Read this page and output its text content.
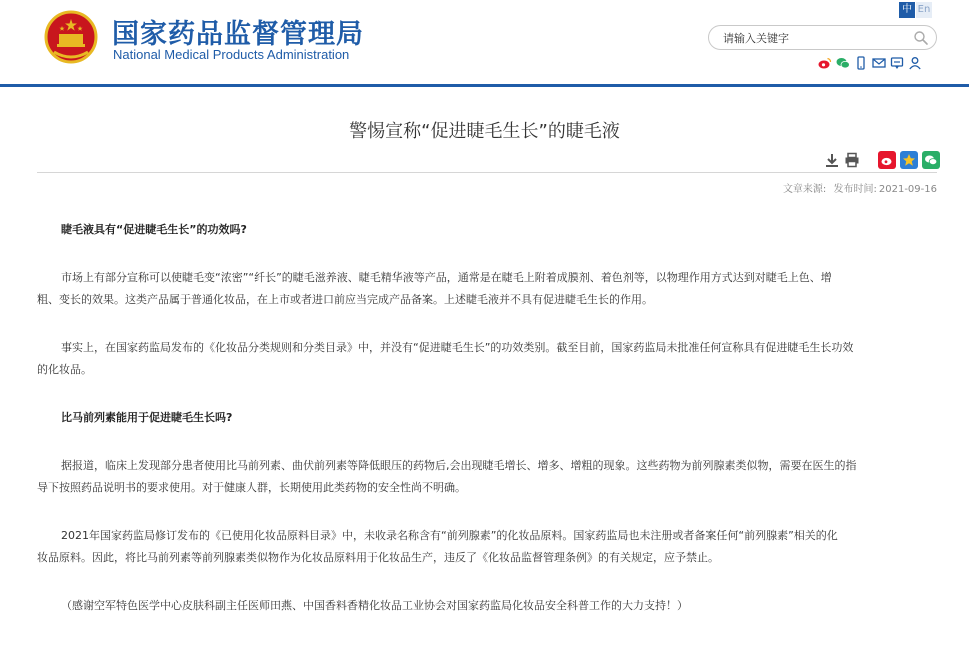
国家药品监督管理局
National Medical Products Administration
中 En
请输入关键字
警惕宣称“促进睫毛生长”的睫毛液
文章来源: 发布时间: 2021-09-16
睫毛液具有“促进睫毛生长”的功效吗?
市场上有部分宣称可以使睫毛变“浓密”“纤长”的睫毛滋养液、睫毛精华液等产品，通常是在睫毛上附着成膜剂、着色剂等，以物理作用方式达到对睫毛上色、增
粗、变长的效果。这类产品属于普通化妆品，在上市或者进口前应当完成产品备案。上述睫毛液并不具有促进睫毛生长的作用。
事实上，在国家药监局发布的《化妆品分类规则和分类目录》中，并没有“促进睫毛生长”的功效类别。截至目前，国家药监局未批准任何宣称具有促进睫毛生长功效
的化妆品。
比马前列素能用于促进睫毛生长吗?
据报道，临床上发现部分患者使用比马前列素、曲伏前列素等降低眼压的药物后,会出现睫毛增长、增多、增粗的现象。这些药物为前列腺素类似物，需要在医生的指
导下按照药品说明书的要求使用。对于健康人群，长期使用此类药物的安全性尚不明确。
2021年国家药监局修订发布的《已使用化妆品原料目录》中，未收录名称含有“前列腺素”的化妆品原料。国家药监局也未注册或者备案任何“前列腺素”相关的化
妆品原料。因此，将比马前列素等前列腺素类似物作为化妆品原料用于化妆品生产，违反了《化妆品监督管理条例》的有关规定，应予禁止。
（感谢空军特色医学中心皮肤科副主任医师田燕、中国香料香精化妆品工业协会对国家药监局化妆品安全科普工作的大力支持！）
